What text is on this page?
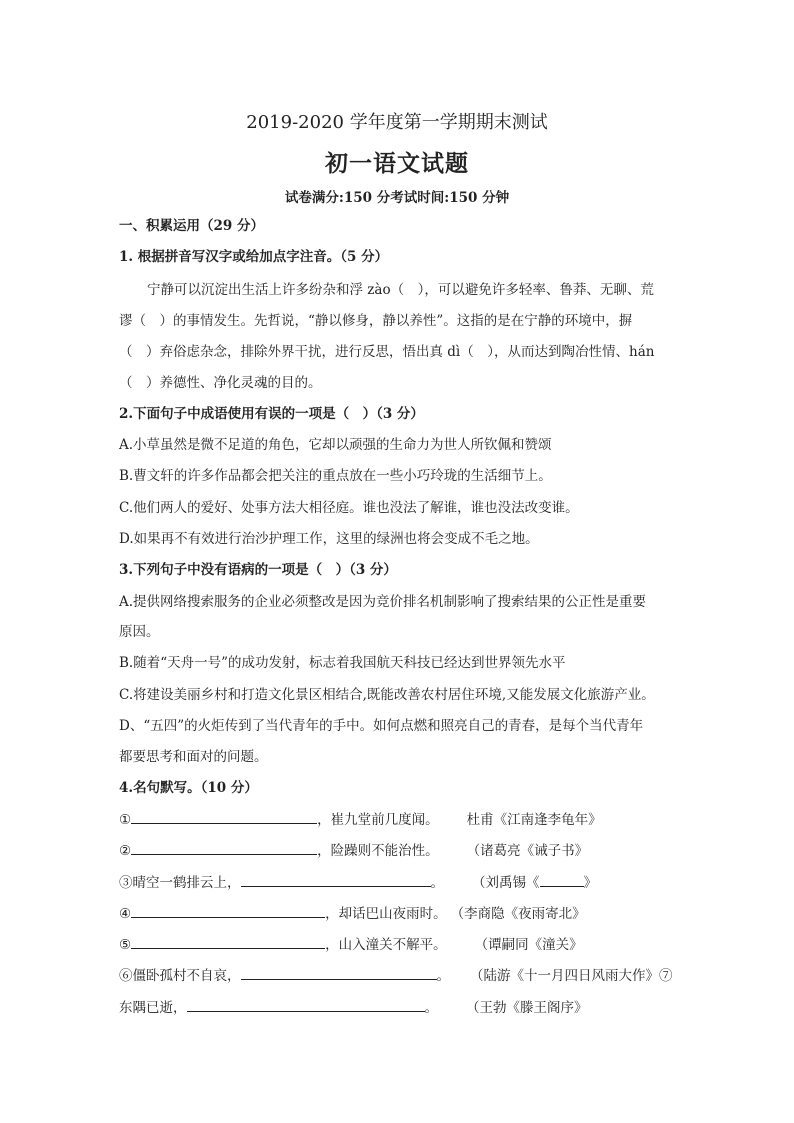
2019-2020 学年度第一学期期末测试
初一语文试题
试卷满分:150 分考试时间:150 分钟
一、积累运用（29 分）
1. 根据拼音写汉字或给加点字注音。（5 分）
宁静可以沉淀出生活上许多纷杂和浮 zào（　），可以避免许多轻率、鲁莽、无聊、荒
谬（　）的事情发生。先哲说，“静以修身，静以养性”。这指的是在宁静的环境中，摒
（　）弃俗虑杂念，排除外界干扰，进行反思，悟出真 dì（　），从而达到陶冶性情、hán
（　）养德性、净化灵魂的目的。
2.下面句子中成语使用有误的一项是（　）（3 分）
A.小草虽然是微不足道的角色，它却以顽强的生命力为世人所钦佩和赞颂
B.曹文轩的许多作品都会把关注的重点放在一些小巧玲珑的生活细节上。
C.他们两人的爱好、处事方法大相径庭。谁也没法了解谁，谁也没法改变谁。
D.如果再不有效进行治沙护理工作，这里的绿洲也将会变成不毛之地。
3.下列句子中没有语病的一项是（　）（3 分）
A.提供网络搜索服务的企业必须整改是因为竞价排名机制影响了搜索结果的公正性是重要
原因。
B.随着“天舟一号”的成功发射，标志着我国航天科技已经达到世界领先水平
C.将建设美丽乡村和打造文化景区相结合,既能改善农村居住环境,又能发展文化旅游产业。
D、“五四”的火炬传到了当代青年的手中。如何点燃和照亮自己的青春，是每个当代青年
都要思考和面对的问题。
4.名句默写。（10 分）
①	，崔九堂前几度闻。 杜甫《江南逢李龟年》
②	，险躁则不能治性。 （诸葛亮《诫子书》
③晴空一鹤排云上，	。 （刘禹锡《	》
④	，却话巴山夜雨时。 （李商隐《夜雨寄北》
⑤	，山入潼关不解平。 （谭嗣同《潼关》
⑥僵卧孤村不自哀，	。 （陆游《十一月四日风雨大作》⑦
东隅已逝，	。 （王勃《滕王阁序》
